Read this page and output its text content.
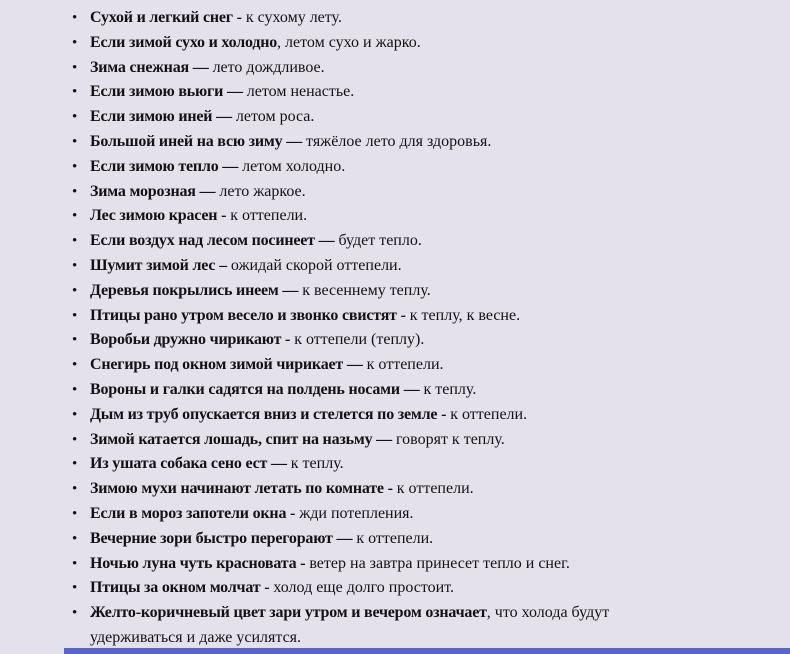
• Сухой и легкий снег - к сухому лету.
• Если зимой сухо и холодно, летом сухо и жарко.
• Зима снежная — лето дождливое.
• Если зимою вьюги — летом ненастье.
• Если зимою иней — летом роса.
• Большой иней на всю зиму — тяжёлое лето для здоровья.
• Если зимою тепло — летом холодно.
• Зима морозная — лето жаркое.
• Лес зимою красен - к оттепели.
• Если воздух над лесом посинеет — будет тепло.
• Шумит зимой лес – ожидай скорой оттепели.
• Деревья покрылись инеем — к весеннему теплу.
• Птицы рано утром весело и звонко свистят - к теплу, к весне.
• Воробьи дружно чирикают - к оттепели (теплу).
• Снегирь под окном зимой чирикает — к оттепели.
• Вороны и галки садятся на полдень носами — к теплу.
• Дым из труб опускается вниз и стелется по земле - к оттепели.
• Зимой катается лошадь, спит на назьму — говорят к теплу.
• Из ушата собака сено ест — к теплу.
• Зимою мухи начинают летать по комнате - к оттепели.
• Если в мороз запотели окна - жди потепления.
• Вечерние зори быстро перегорают — к оттепели.
• Ночью луна чуть красновата - ветер на завтра принесет тепло и снег.
• Птицы за окном молчат - холод еще долго простоит.
• Желто-коричневый цвет зари утром и вечером означает, что холода будут удерживаться и даже усилятся.
